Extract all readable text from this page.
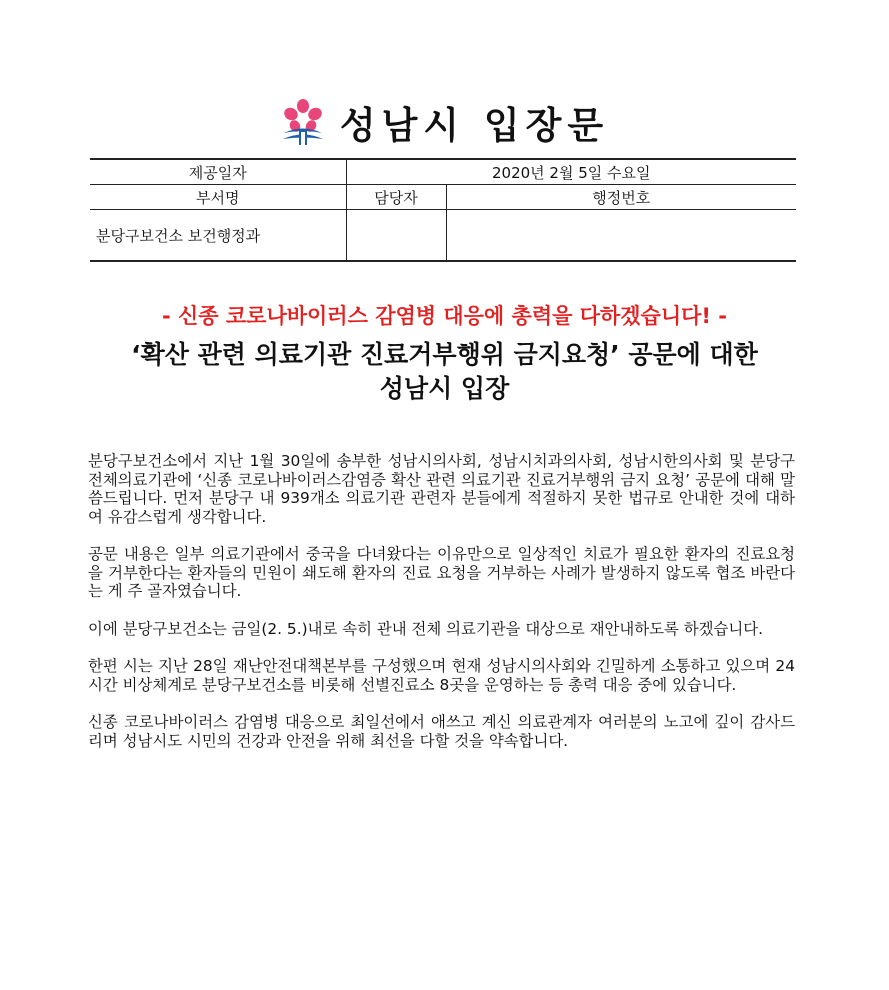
성남시 입장문
제공일자	2020년 2월 5일 수요일	
부서명	담당자	행정번호
분당구보건소 보건행정과		
- 신종 코로나바이러스 감염병 대응에 총력을 다하겠습니다! -
‘확산 관련 의료기관 진료거부행위 금지요청’ 공문에 대한
성남시 입장

분당구보건소에서 지난 1월 30일에 송부한 성남시의사회, 성남시치과의사회, 성남시한의사회 및 분당구 전체의료기관에 ‘신종 코로나바이러스감염증 확산 관련 의료기관 진료거부행위 금지 요청’ 공문에 대해 말씀드립니다. 먼저 분당구 내 939개소 의료기관 관련자 분들에게 적절하지 못한 법규로 안내한 것에 대하여 유감스럽게 생각합니다.

공문 내용은 일부 의료기관에서 중국을 다녀왔다는 이유만으로 일상적인 치료가 필요한 환자의 진료요청을 거부한다는 환자들의 민원이 쇄도해 환자의 진료 요청을 거부하는 사례가 발생하지 않도록 협조 바란다는 게 주 골자였습니다.

이에 분당구보건소는 금일(2. 5.)내로 속히 관내 전체 의료기관을 대상으로 재안내하도록 하겠습니다.

한편 시는 지난 28일 재난안전대책본부를 구성했으며 현재 성남시의사회와 긴밀하게 소통하고 있으며 24시간 비상체계로 분당구보건소를 비롯해 선별진료소 8곳을 운영하는 등 총력 대응 중에 있습니다.

신종 코로나바이러스 감염병 대응으로 최일선에서 애쓰고 계신 의료관계자 여러분의 노고에 깊이 감사드리며 성남시도 시민의 건강과 안전을 위해 최선을 다할 것을 약속합니다.
